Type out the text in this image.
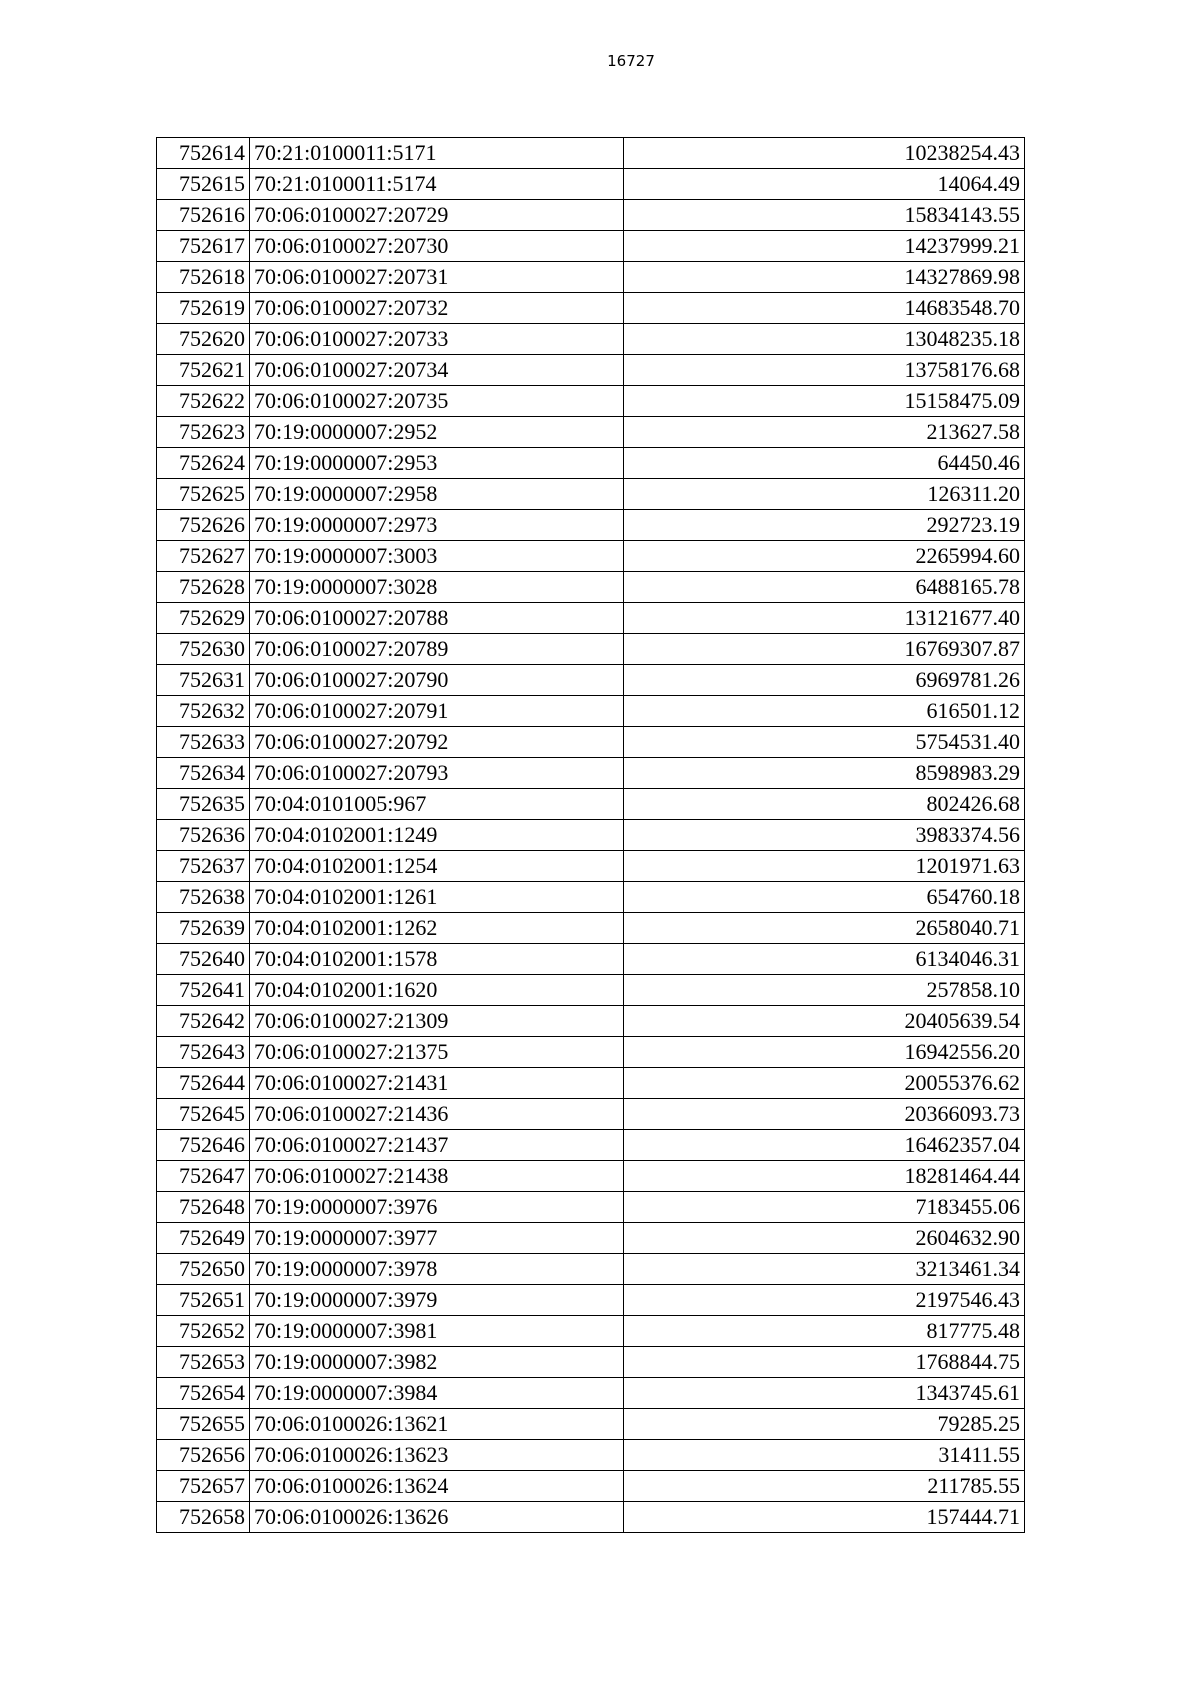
16727
752614	70:21:0100011:5171	10238254.43
752615	70:21:0100011:5174	14064.49
752616	70:06:0100027:20729	15834143.55
752617	70:06:0100027:20730	14237999.21
752618	70:06:0100027:20731	14327869.98
752619	70:06:0100027:20732	14683548.70
752620	70:06:0100027:20733	13048235.18
752621	70:06:0100027:20734	13758176.68
752622	70:06:0100027:20735	15158475.09
752623	70:19:0000007:2952	213627.58
752624	70:19:0000007:2953	64450.46
752625	70:19:0000007:2958	126311.20
752626	70:19:0000007:2973	292723.19
752627	70:19:0000007:3003	2265994.60
752628	70:19:0000007:3028	6488165.78
752629	70:06:0100027:20788	13121677.40
752630	70:06:0100027:20789	16769307.87
752631	70:06:0100027:20790	6969781.26
752632	70:06:0100027:20791	616501.12
752633	70:06:0100027:20792	5754531.40
752634	70:06:0100027:20793	8598983.29
752635	70:04:0101005:967	802426.68
752636	70:04:0102001:1249	3983374.56
752637	70:04:0102001:1254	1201971.63
752638	70:04:0102001:1261	654760.18
752639	70:04:0102001:1262	2658040.71
752640	70:04:0102001:1578	6134046.31
752641	70:04:0102001:1620	257858.10
752642	70:06:0100027:21309	20405639.54
752643	70:06:0100027:21375	16942556.20
752644	70:06:0100027:21431	20055376.62
752645	70:06:0100027:21436	20366093.73
752646	70:06:0100027:21437	16462357.04
752647	70:06:0100027:21438	18281464.44
752648	70:19:0000007:3976	7183455.06
752649	70:19:0000007:3977	2604632.90
752650	70:19:0000007:3978	3213461.34
752651	70:19:0000007:3979	2197546.43
752652	70:19:0000007:3981	817775.48
752653	70:19:0000007:3982	1768844.75
752654	70:19:0000007:3984	1343745.61
752655	70:06:0100026:13621	79285.25
752656	70:06:0100026:13623	31411.55
752657	70:06:0100026:13624	211785.55
752658	70:06:0100026:13626	157444.71
